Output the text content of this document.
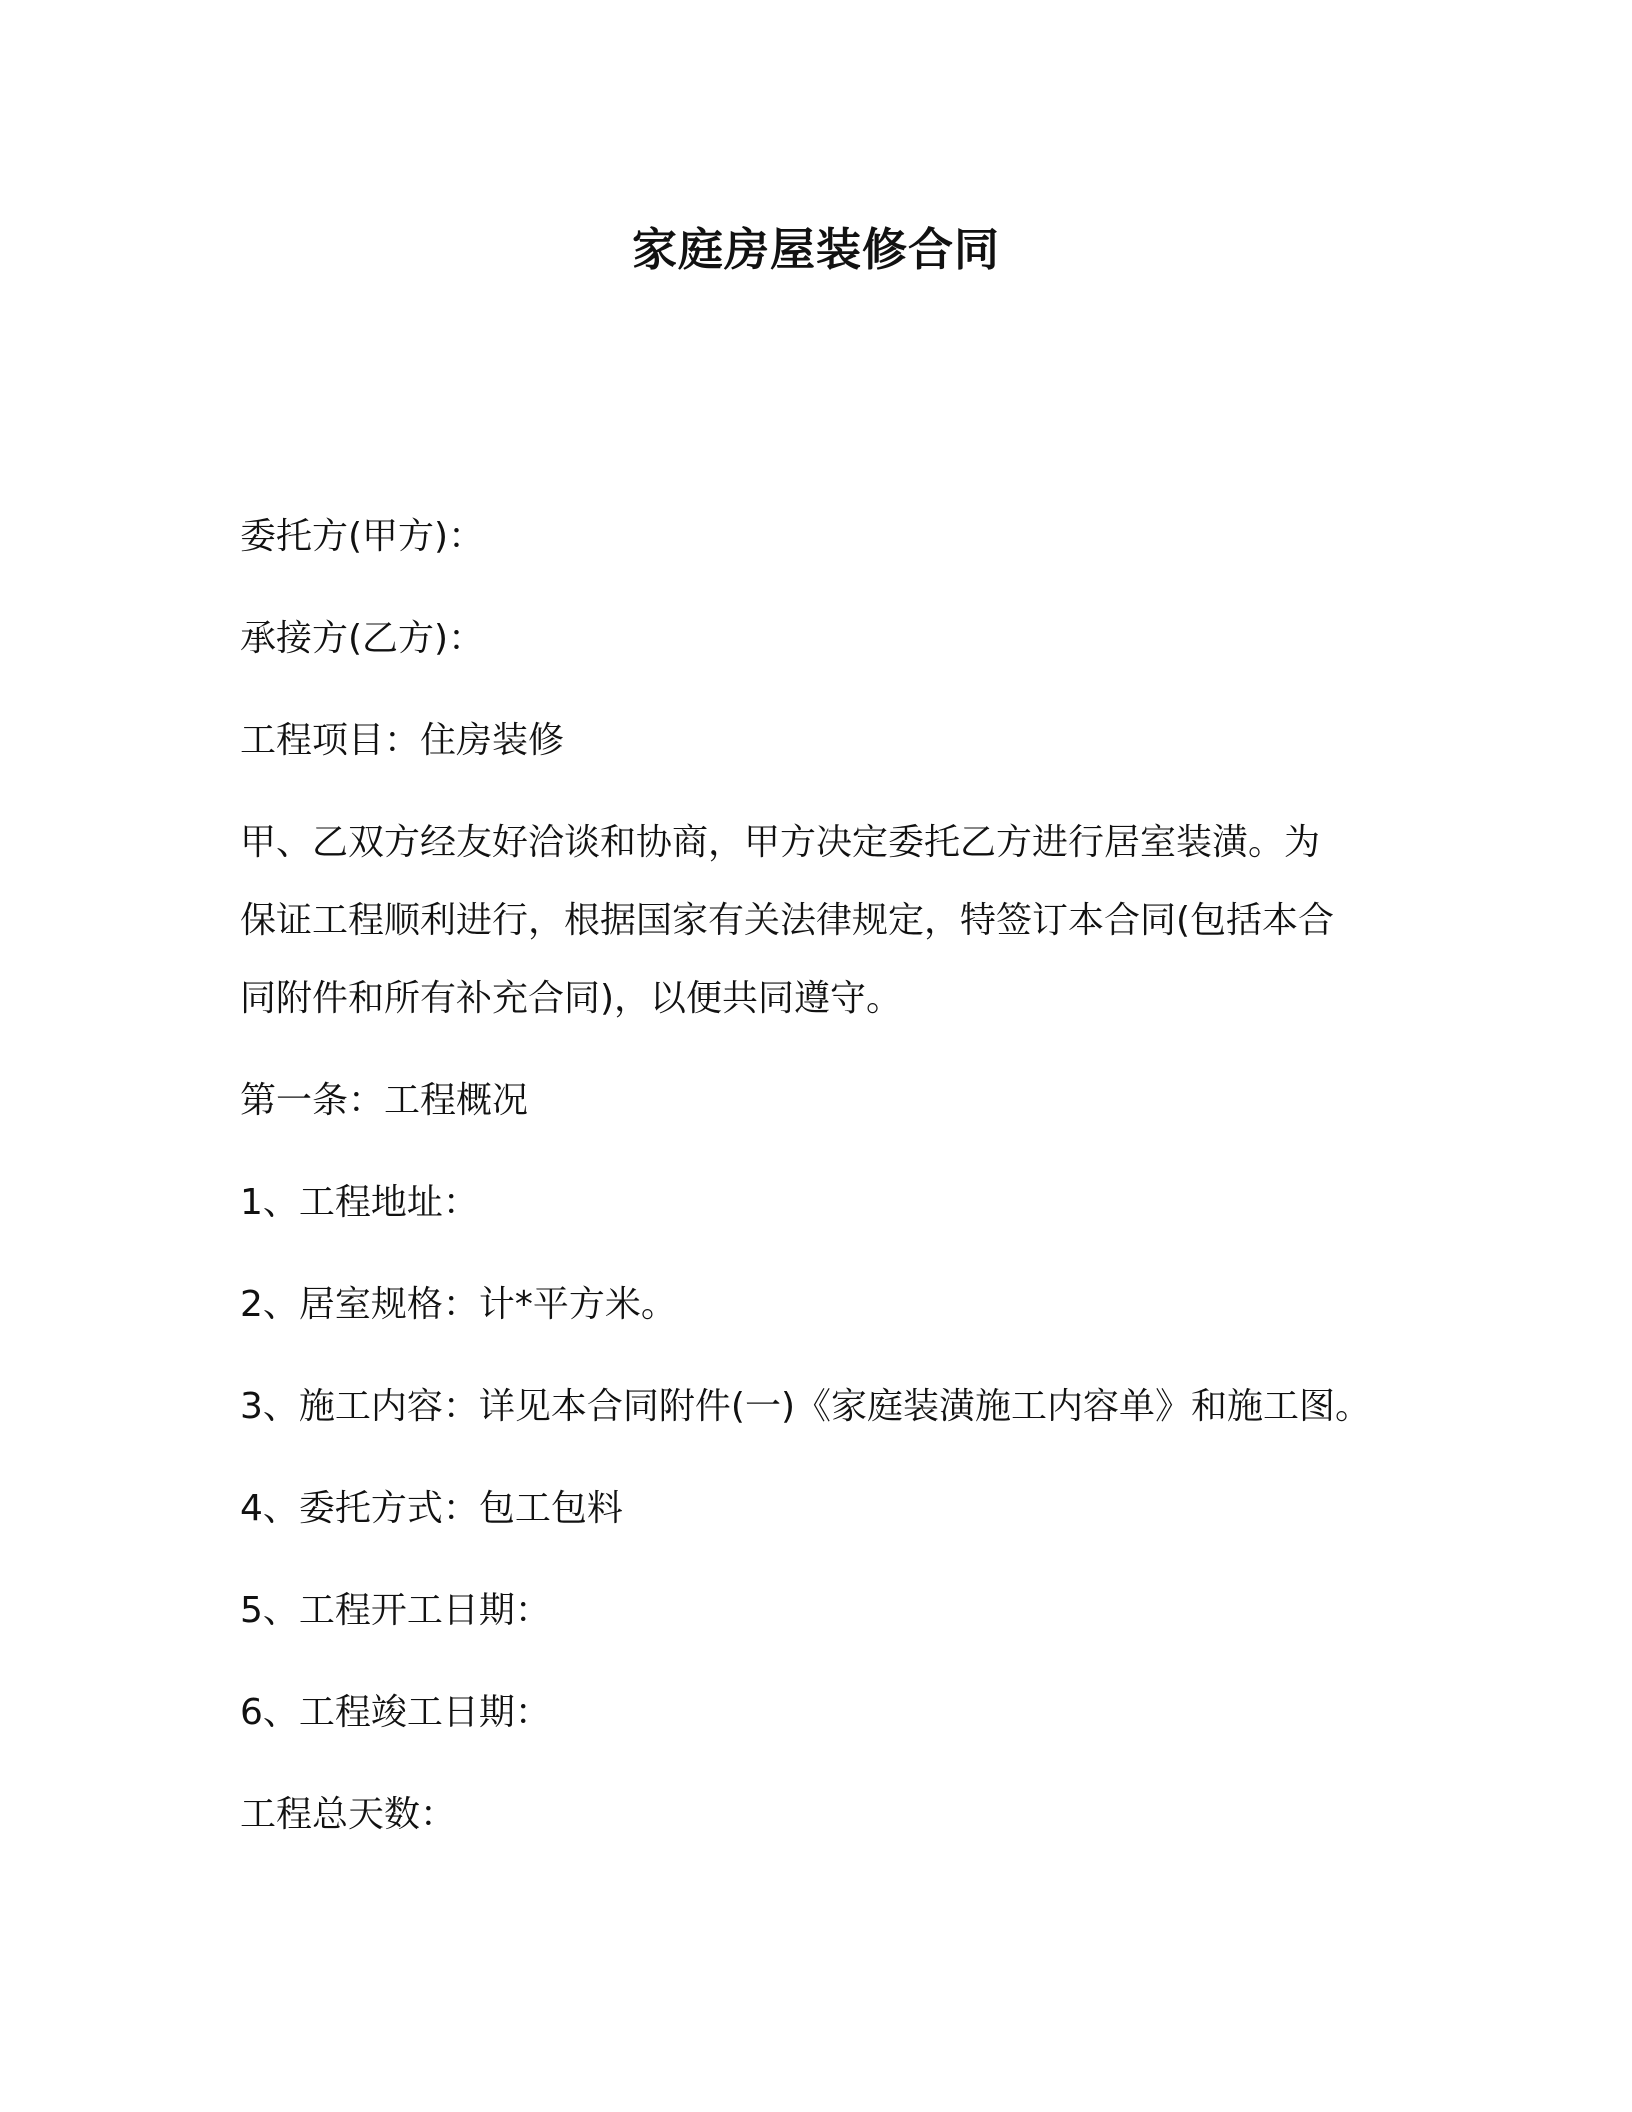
家庭房屋装修合同

委托方(甲方)：

承接方(乙方)：

工程项目：住房装修

甲、乙双方经友好洽谈和协商，甲方决定委托乙方进行居室装潢。为
保证工程顺利进行，根据国家有关法律规定，特签订本合同(包括本合
同附件和所有补充合同)，以便共同遵守。

第一条：工程概况

1、工程地址：

2、居室规格：计*平方米。

3、施工内容：详见本合同附件(一)《家庭装潢施工内容单》和施工图。

4、委托方式：包工包料

5、工程开工日期：

6、工程竣工日期：

工程总天数：
